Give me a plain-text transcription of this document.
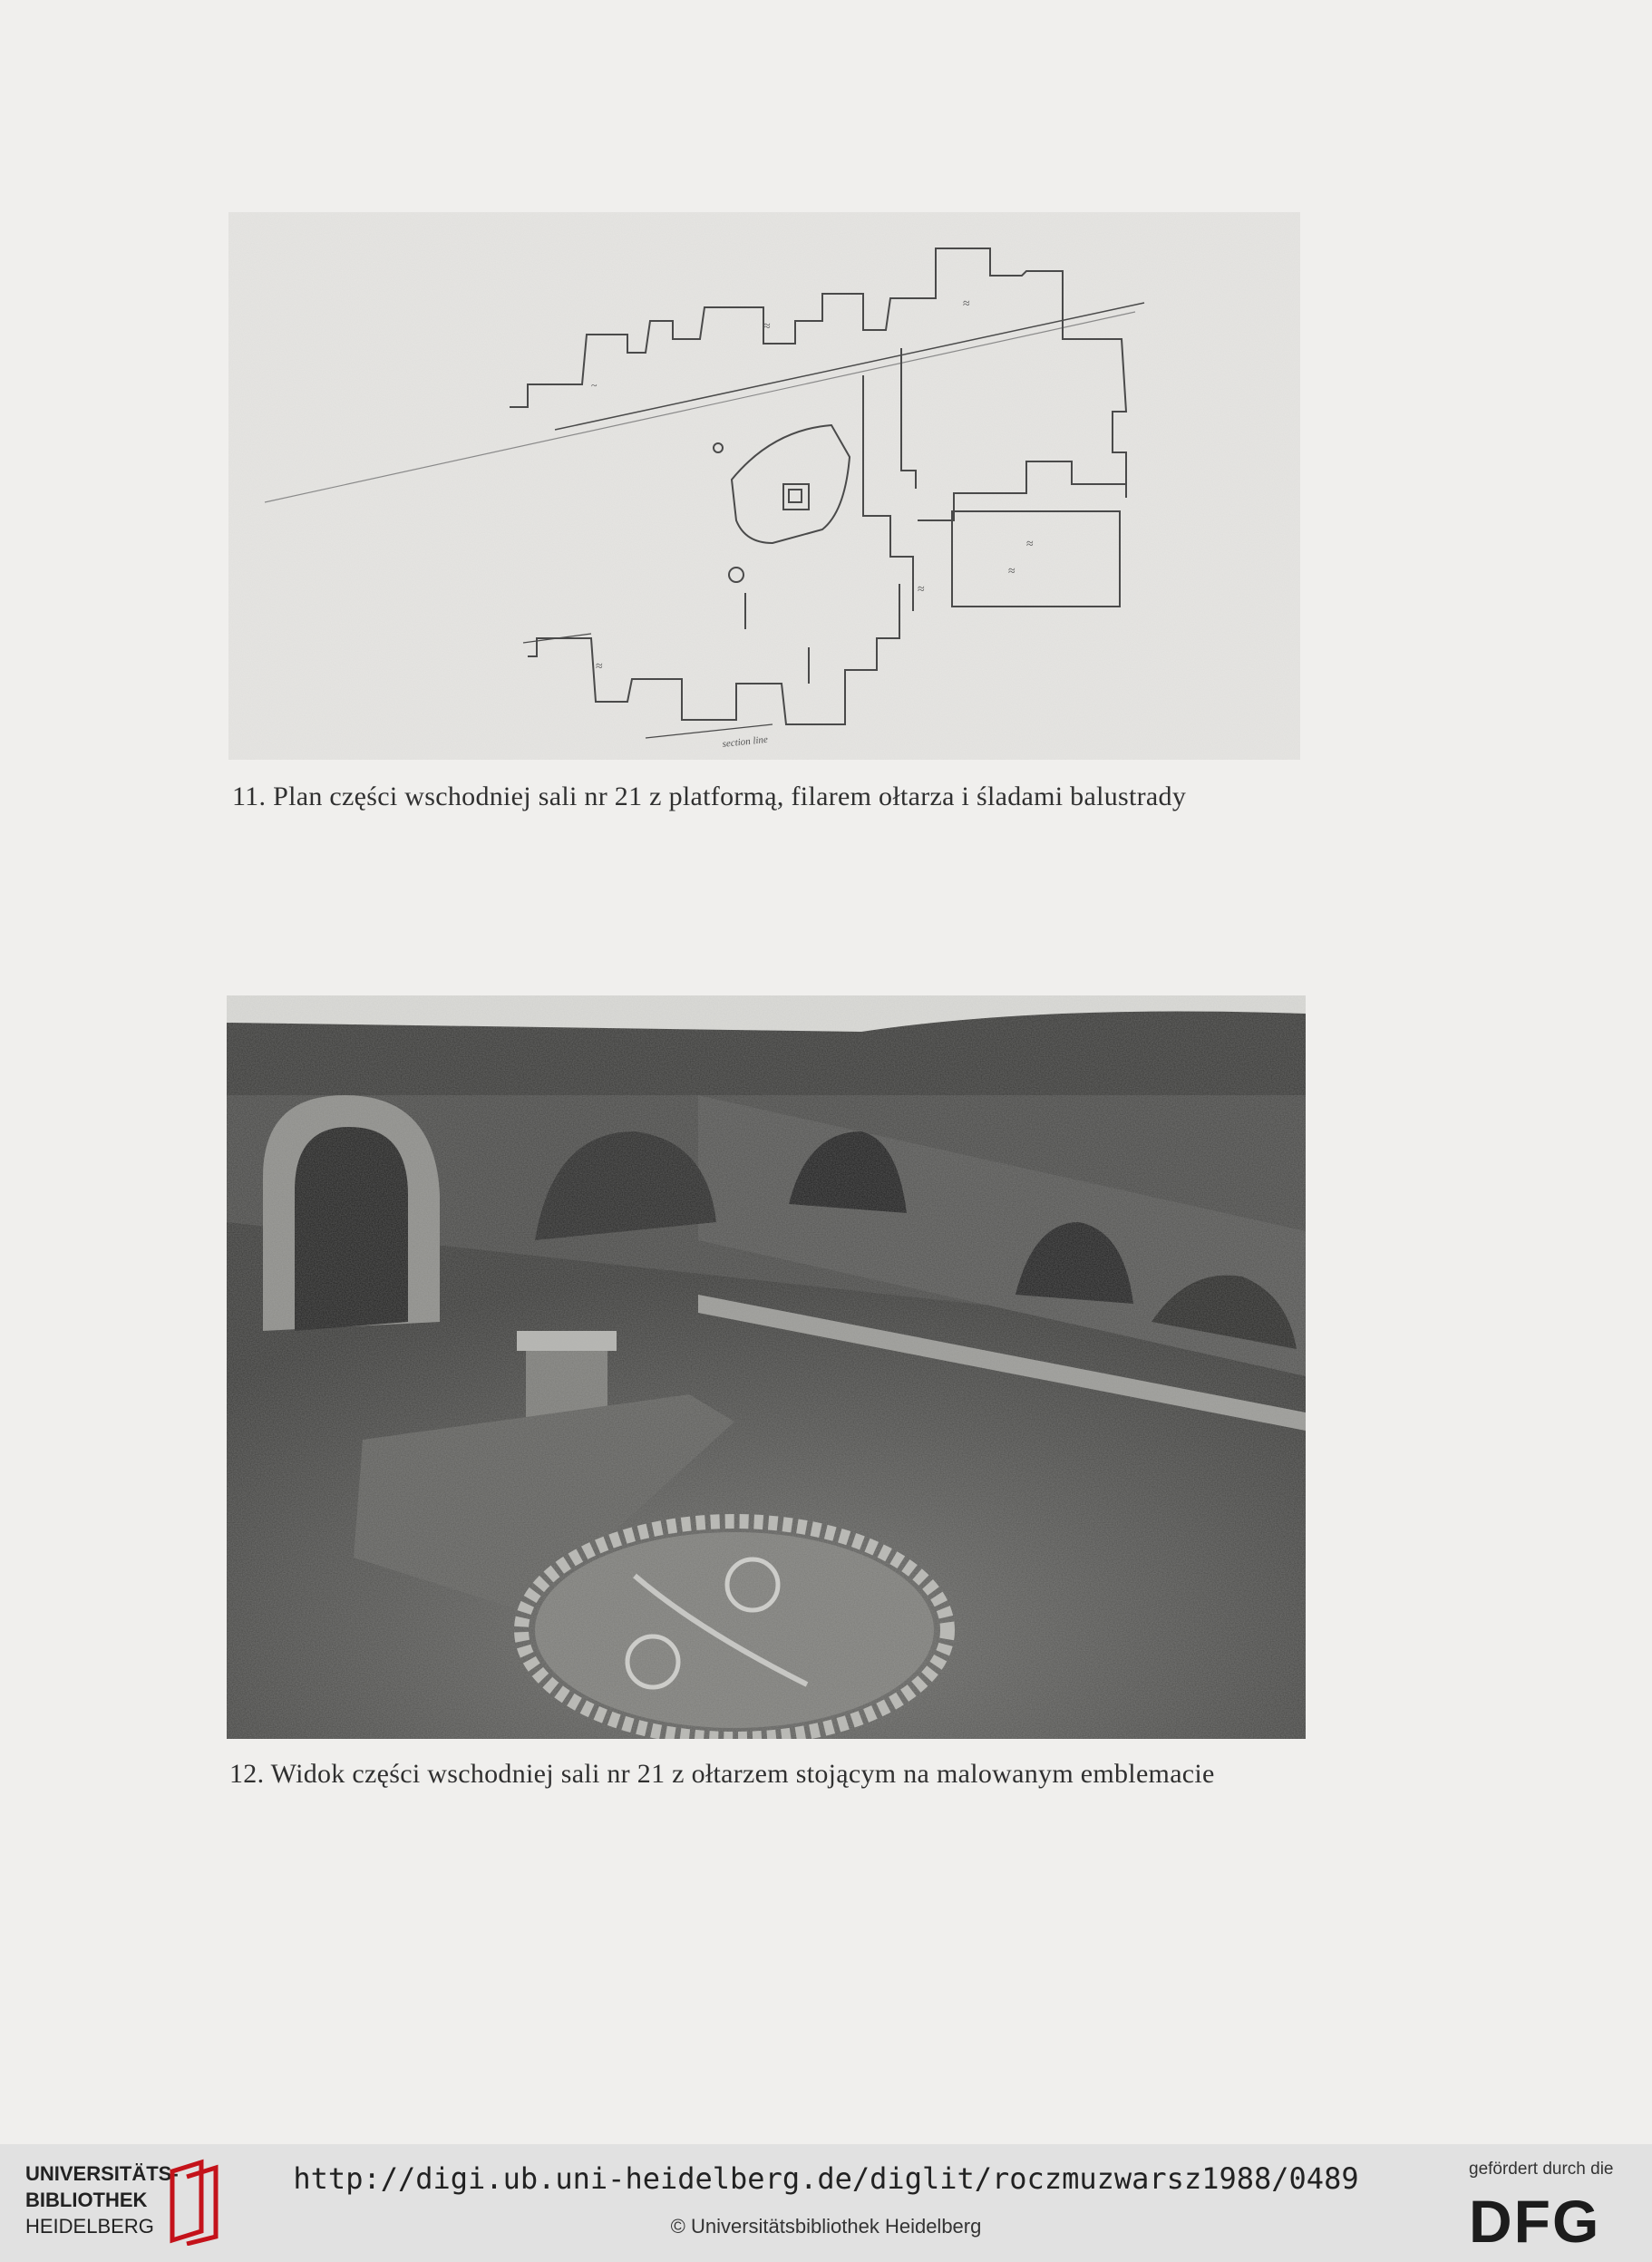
~
≈
≈
≈
≈
≈
≈
section line
11. Plan części wschodniej sali nr 21 z platformą, filarem ołtarza i śladami balustrady
12. Widok części wschodniej sali nr 21 z ołtarzem stojącym na malowanym emblemacie
UNIVERSITÄTS-
BIBLIOTHEK
HEIDELBERG
http://digi.ub.uni-heidelberg.de/diglit/roczmuzwarsz1988/0489
© Universitätsbibliothek Heidelberg
gefördert durch die
DFG
